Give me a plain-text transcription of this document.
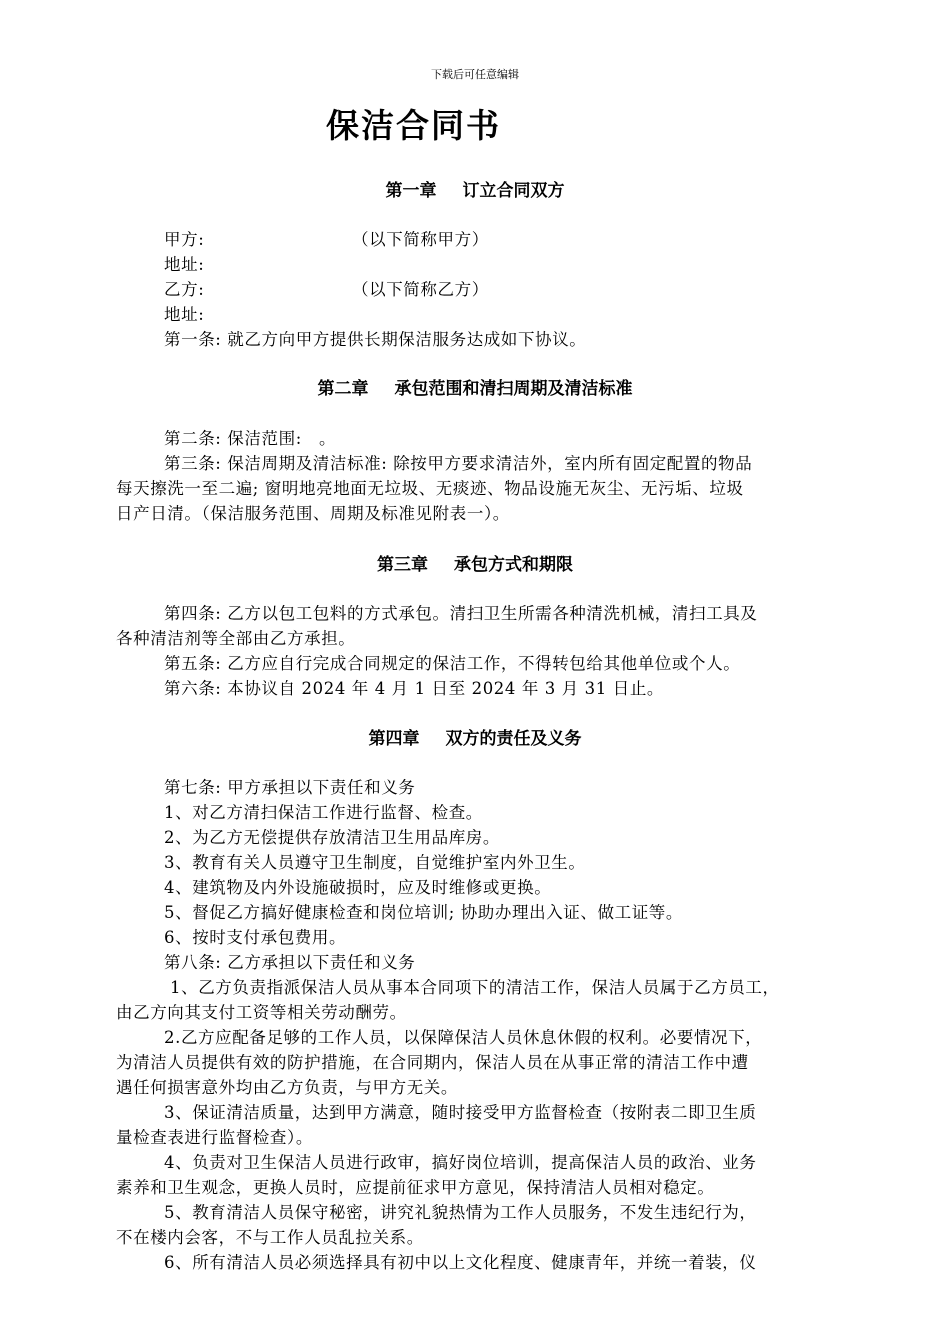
下载后可任意编辑
保洁合同书
第一章 订立合同双方
甲方:	（以下简称甲方）
地址:
乙方:	（以下简称乙方）
地址:
第一条: 就乙方向甲方提供长期保洁服务达成如下协议。
第二章 承包范围和清扫周期及清洁标准
第二条: 保洁范围:　。
第三条: 保洁周期及清洁标准: 除按甲方要求清洁外，室内所有固定配置的物品
每天擦洗一至二遍; 窗明地亮地面无垃圾、无痰迹、物品设施无灰尘、无污垢、垃圾
日产日清。（保洁服务范围、周期及标准见附表一）。
第三章 承包方式和期限
第四条: 乙方以包工包料的方式承包。清扫卫生所需各种清洗机械，清扫工具及
各种清洁剂等全部由乙方承担。
第五条: 乙方应自行完成合同规定的保洁工作，不得转包给其他单位或个人。
第六条: 本协议自 2024 年 4 月 1 日至 2024 年 3 月 31 日止。
第四章 双方的责任及义务
第七条: 甲方承担以下责任和义务
1、对乙方清扫保洁工作进行监督、检查。
2、为乙方无偿提供存放清洁卫生用品库房。
3、教育有关人员遵守卫生制度，自觉维护室内外卫生。
4、建筑物及内外设施破损时，应及时维修或更换。
5、督促乙方搞好健康检查和岗位培训; 协助办理出入证、做工证等。
6、按时支付承包费用。
第八条: 乙方承担以下责任和义务
1、乙方负责指派保洁人员从事本合同项下的清洁工作，保洁人员属于乙方员工，
由乙方向其支付工资等相关劳动酬劳。
2.乙方应配备足够的工作人员，以保障保洁人员休息休假的权利。必要情况下，
为清洁人员提供有效的防护措施，在合同期内，保洁人员在从事正常的清洁工作中遭
遇任何损害意外均由乙方负责，与甲方无关。
3、保证清洁质量，达到甲方满意，随时接受甲方监督检查（按附表二即卫生质
量检查表进行监督检查）。
4、负责对卫生保洁人员进行政审，搞好岗位培训，提高保洁人员的政治、业务
素养和卫生观念，更换人员时，应提前征求甲方意见，保持清洁人员相对稳定。
5、教育清洁人员保守秘密，讲究礼貌热情为工作人员服务，不发生违纪行为，
不在楼内会客，不与工作人员乱拉关系。
6、所有清洁人员必须选择具有初中以上文化程度、健康青年，并统一着装，仪
